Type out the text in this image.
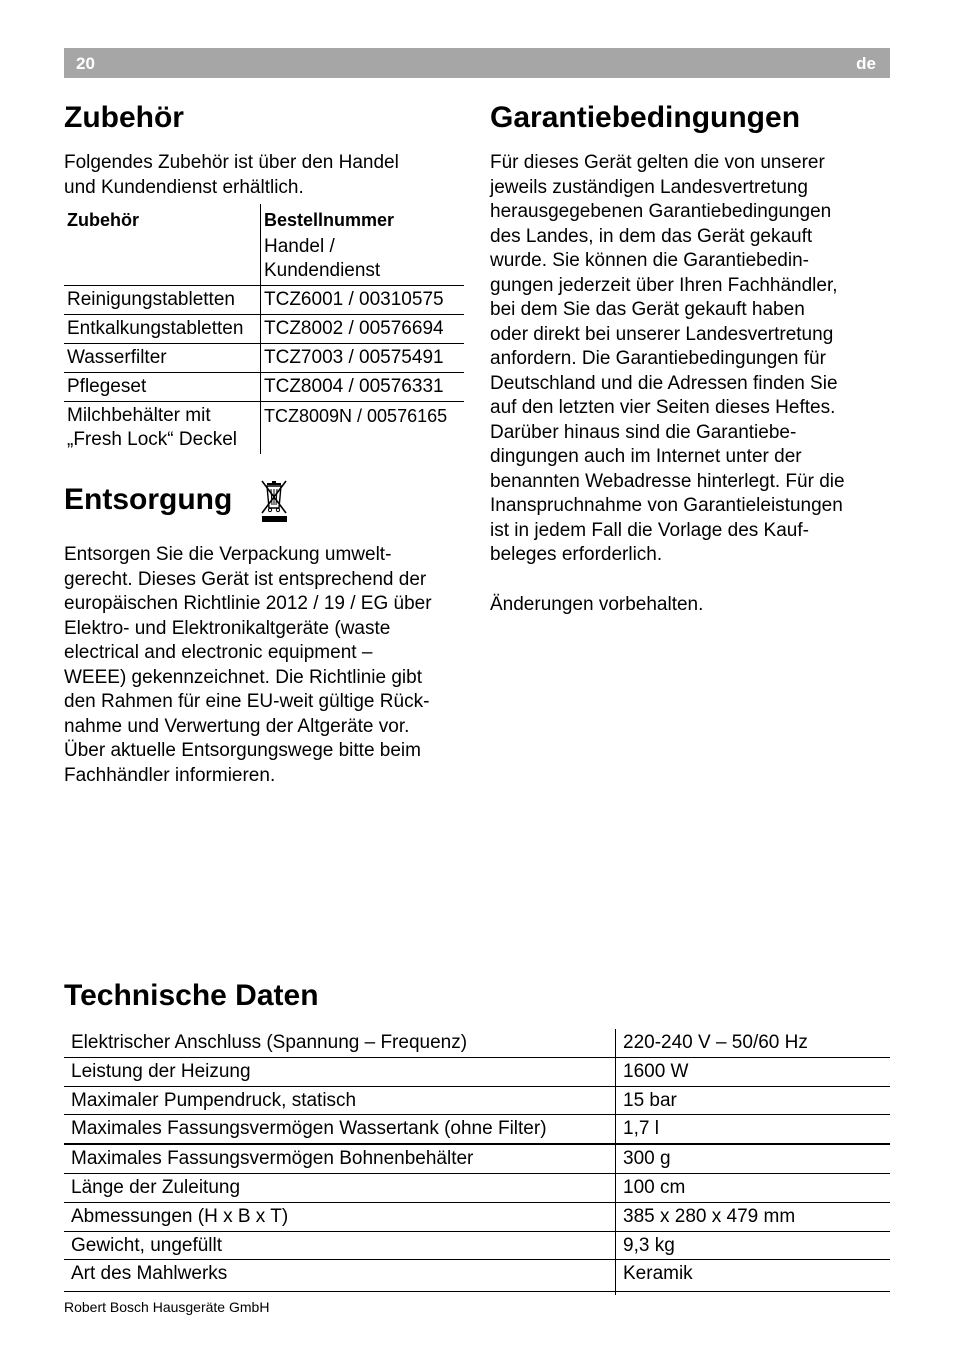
20	de
Zubehör

Folgendes Zubehör ist über den Handel
und Kundendienst erhältlich.

Zubehör	Bestellnummer
Handel /
Kundendienst

Reinigungstabletten	TCZ6001 / 00310575
Entkalkungstabletten	TCZ8002 / 00576694
Wasserfilter	TCZ7003 / 00575491
Pflegeset	TCZ8004 / 00576331
Milchbehälter mit
„Fresh Lock“ Deckel	TCZ8009N / 00576165
Entsorgung

Entsorgen Sie die Verpackung umwelt-
gerecht. Dieses Gerät ist entsprechend der
europäischen Richtlinie 2012 / 19 / EG über
Elektro- und Elektronikaltgeräte (waste
electrical and electronic equipment –
WEEE) gekennzeichnet. Die Richtlinie gibt
den Rahmen für eine EU-weit gültige Rück-
nahme und Verwertung der Altgeräte vor.
Über aktuelle Entsorgungswege bitte beim
Fachhändler informieren.

Garantiebedingungen

Für dieses Gerät gelten die von unserer
jeweils zuständigen Landesvertretung
herausgegebenen Garantiebedingungen
des Landes, in dem das Gerät gekauft
wurde. Sie können die Garantiebedin-
gungen jederzeit über Ihren Fachhändler,
bei dem Sie das Gerät gekauft haben
oder direkt bei unserer Landesvertretung
anfordern. Die Garantiebedingungen für
Deutschland und die Adressen finden Sie
auf den letzten vier Seiten dieses Heftes.
Darüber hinaus sind die Garantiebe-
dingungen auch im Internet unter der
benannten Webadresse hinterlegt. Für die
Inanspruchnahme von Garantieleistungen
ist in jedem Fall die Vorlage des Kauf-
beleges erforderlich.

Änderungen vorbehalten.

Technische Daten
Elektrischer Anschluss (Spannung – Frequenz)	220-240 V – 50/60 Hz
Leistung der Heizung	1600 W
Maximaler Pumpendruck, statisch	15 bar
Maximales Fassungsvermögen Wassertank (ohne Filter)	1,7 l
Maximales Fassungsvermögen Bohnenbehälter	300 g
Länge der Zuleitung	100 cm
Abmessungen (H x B x T)	385 x 280 x 479 mm
Gewicht, ungefüllt	9,3 kg
Art des Mahlwerks	Keramik
Robert Bosch Hausgeräte GmbH
